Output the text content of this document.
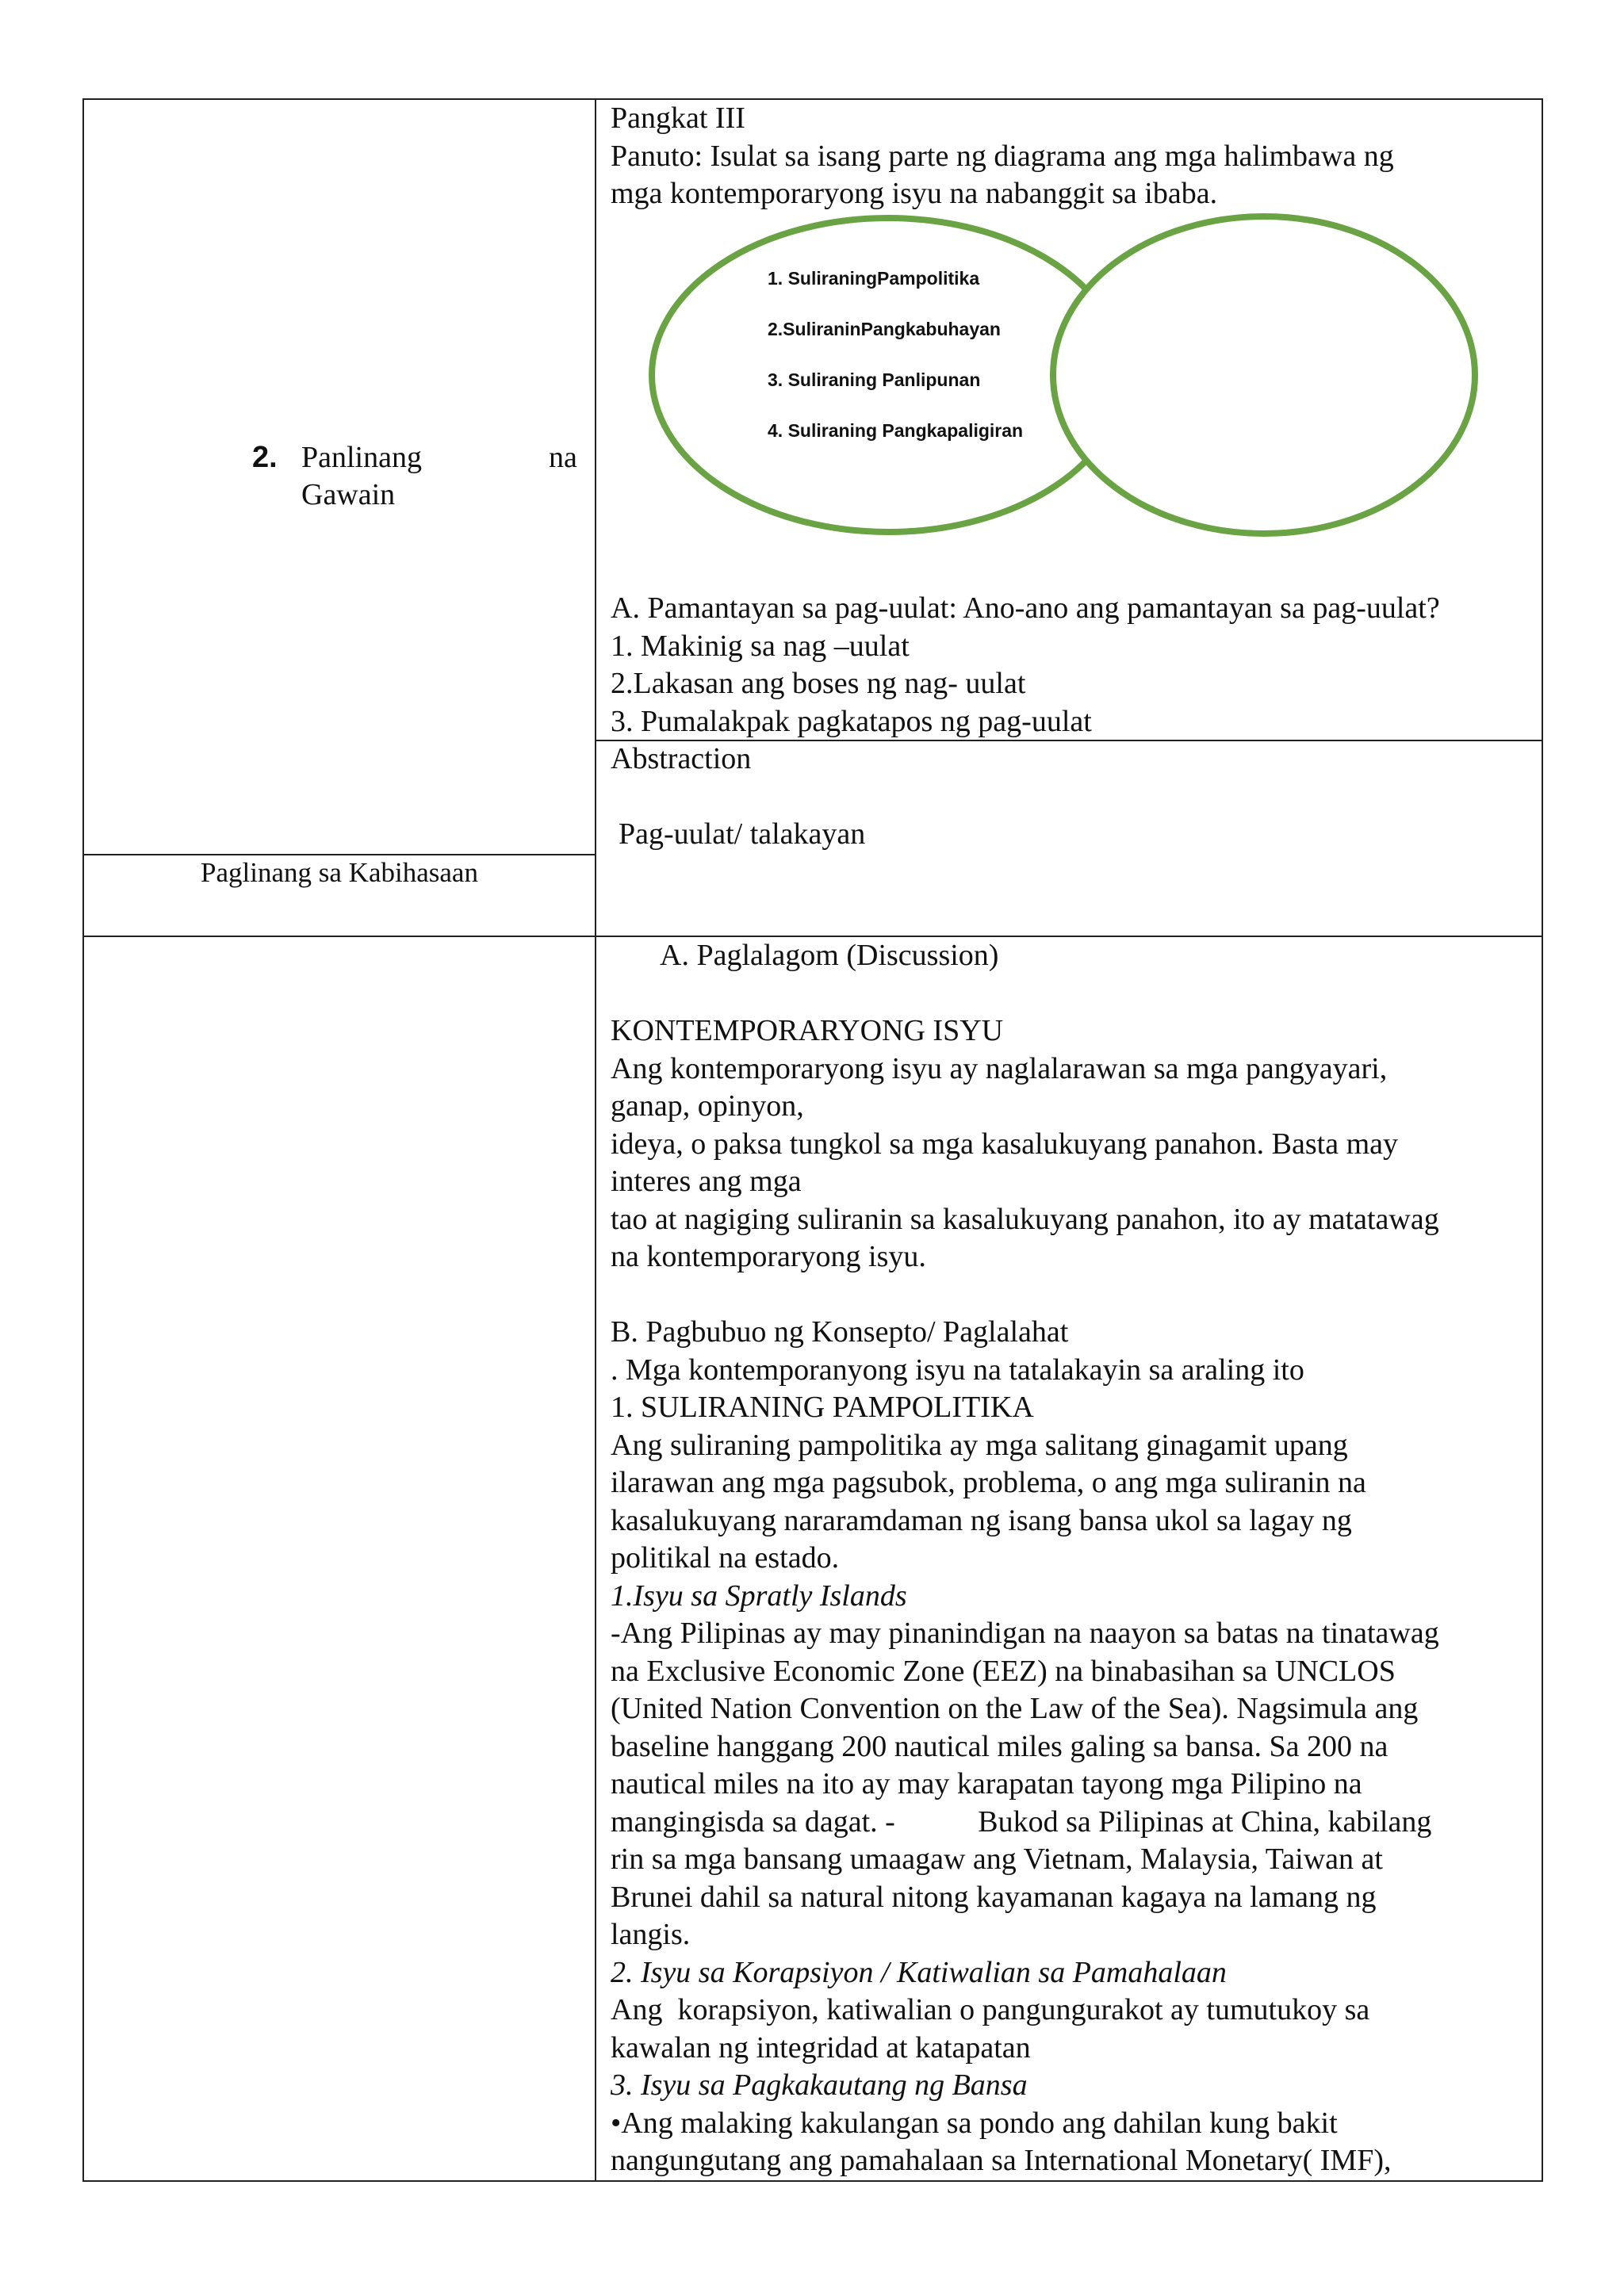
2. Panlinang	na
Gawain
Paglinang sa Kabihasaan

Pangkat III

Panuto: Isulat sa isang parte ng diagrama ang mga halimbawa ng

mga kontemporaryong isyu na nabanggit sa ibaba.

1. SuliraningPampolitika
2.SuliraninPangkabuhayan
3. Suliraning Panlipunan
4. Suliraning Pangkapaligiran

A. Pamantayan sa pag-uulat: Ano-ano ang pamantayan sa pag-uulat?

1. Makinig sa nag –uulat

2.Lakasan ang boses ng nag- uulat

3. Pumalakpak pagkatapos ng pag-uulat

Abstraction

Pag-uulat/ talakayan

A. Paglalagom (Discussion)

KONTEMPORARYONG ISYU

Ang kontemporaryong isyu ay naglalarawan sa mga pangyayari,

ganap, opinyon,

ideya, o paksa tungkol sa mga kasalukuyang panahon. Basta may

interes ang mga

tao at nagiging suliranin sa kasalukuyang panahon, ito ay matatawag

na kontemporaryong isyu.

B. Pagbubuo ng Konsepto/ Paglalahat

. Mga kontemporanyong isyu na tatalakayin sa araling ito

1. SULIRANING PAMPOLITIKA

Ang suliraning pampolitika ay mga salitang ginagamit upang

ilarawan ang mga pagsubok, problema, o ang mga suliranin na

kasalukuyang nararamdaman ng isang bansa ukol sa lagay ng

politikal na estado.

1.Isyu sa Spratly Islands

-Ang Pilipinas ay may pinanindigan na naayon sa batas na tinatawag

na Exclusive Economic Zone (EEZ) na binabasihan sa UNCLOS

(United Nation Convention on the Law of the Sea). Nagsimula ang

baseline hanggang 200 nautical miles galing sa bansa. Sa 200 na

nautical miles na ito ay may karapatan tayong mga Pilipino na

mangingisda sa dagat. -           Bukod sa Pilipinas at China, kabilang

rin sa mga bansang umaagaw ang Vietnam, Malaysia, Taiwan at

Brunei dahil sa natural nitong kayamanan kagaya na lamang ng

langis.

2. Isyu sa Korapsiyon / Katiwalian sa Pamahalaan

Ang  korapsiyon, katiwalian o pangungurakot ay tumutukoy sa

kawalan ng integridad at katapatan

3. Isyu sa Pagkakautang ng Bansa

•Ang malaking kakulangan sa pondo ang dahilan kung bakit

nangungutang ang pamahalaan sa International Monetary( IMF),
